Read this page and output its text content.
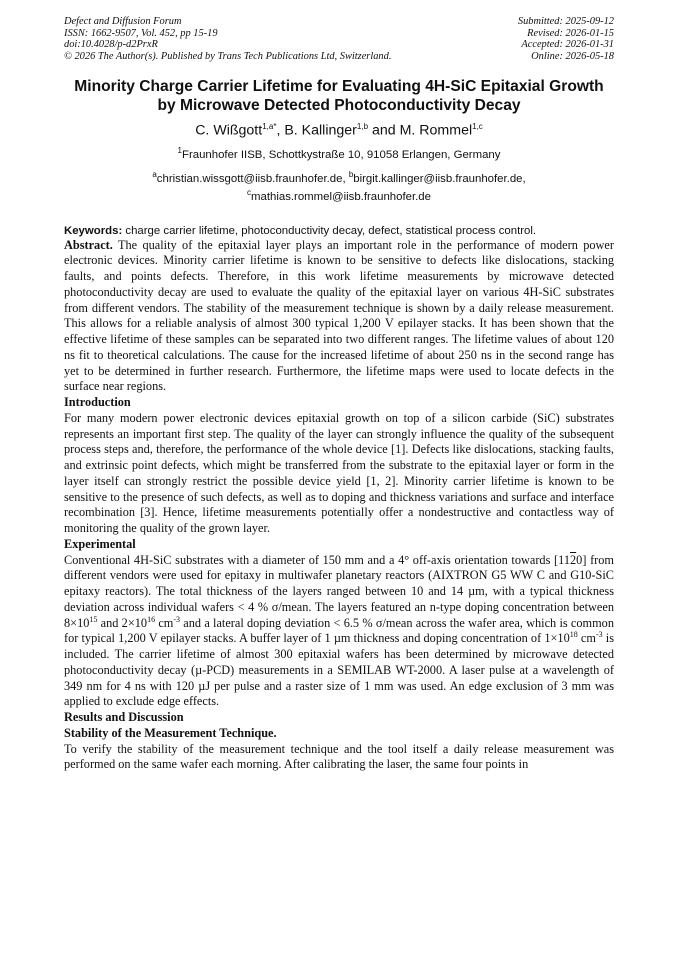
Defect and Diffusion Forum
ISSN: 1662-9507, Vol. 452, pp 15-19
doi:10.4028/p-d2PrxR
© 2026 The Author(s). Published by Trans Tech Publications Ltd, Switzerland.
Submitted: 2025-09-12
Revised: 2026-01-15
Accepted: 2026-01-31
Online: 2026-05-18
Minority Charge Carrier Lifetime for Evaluating 4H-SiC Epitaxial Growth
by Microwave Detected Photoconductivity Decay
C. Wißgott$^{1,a*}$, B. Kallinger$^{1,b}$ and M. Rommel$^{1,c}$
$^1$Fraunhofer IISB, Schottkystraße 10, 91058 Erlangen, Germany
$^a$christian.wissgott@iisb.fraunhofer.de, $^b$birgit.kallinger@iisb.fraunhofer.de,
$^c$mathias.rommel@iisb.fraunhofer.de
Keywords: charge carrier lifetime, photoconductivity decay, defect, statistical process control.

Abstract. The quality of the epitaxial layer plays an important role in the performance of modern power electronic devices. Minority carrier lifetime is known to be sensitive to defects like dislocations, stacking faults, and points defects. Therefore, in this work lifetime measurements by microwave detected photoconductivity decay are used to evaluate the quality of the epitaxial layer on various 4H-SiC substrates from different vendors. The stability of the measurement technique is shown by a daily release measurement. This allows for a reliable analysis of almost 300 typical 1,200 V epilayer stacks. It has been shown that the effective lifetime of these samples can be separated into two different ranges. The lifetime values of about 120 ns fit to theoretical calculations. The cause for the increased lifetime of about 250 ns in the second range has yet to be determined in further research. Furthermore, the lifetime maps were used to locate defects in the surface near regions.

Introduction

For many modern power electronic devices epitaxial growth on top of a silicon carbide (SiC) substrates represents an important first step. The quality of the layer can strongly influence the quality of the subsequent process steps and, therefore, the performance of the whole device [1]. Defects like dislocations, stacking faults, and extrinsic point defects, which might be transferred from the substrate to the epitaxial layer or form in the layer itself can strongly restrict the possible device yield [1, 2]. Minority carrier lifetime is known to be sensitive to the presence of such defects, as well as to doping and thickness variations and surface and interface recombination [3]. Hence, lifetime measurements potentially offer a nondestructive and contactless way of monitoring the quality of the grown layer.

Experimental

Conventional 4H-SiC substrates with a diameter of 150 mm and a 4° off-axis orientation towards [1120] from different vendors were used for epitaxy in multiwafer planetary reactors (AIXTRON G5 WW C and G10-SiC epitaxy reactors). The total thickness of the layers ranged between 10 and 14 µm, with a typical thickness deviation across individual wafers < 4 % σ/mean. The layers featured an n-type doping concentration between $8\times 10^{15}$ and $2\times 10^{16}$ $cm^{-3}$ and a lateral doping deviation < 6.5 % σ/mean across the wafer area, which is common for typical 1,200 V epilayer stacks. A buffer layer of 1 µm thickness and doping concentration of $1\times 10^{18}$ $cm^{-3}$ is included. The carrier lifetime of almost 300 epitaxial wafers has been determined by microwave detected photoconductivity decay (µ-PCD) measurements in a SEMILAB WT-2000. A laser pulse at a wavelength of 349 nm for 4 ns with 120 µJ per pulse and a raster size of 1 mm was used. An edge exclusion of 3 mm was applied to exclude edge effects.

Results and Discussion
Stability of the Measurement Technique.

To verify the stability of the measurement technique and the tool itself a daily release measurement was performed on the same wafer each morning. After calibrating the laser, the same four points in
